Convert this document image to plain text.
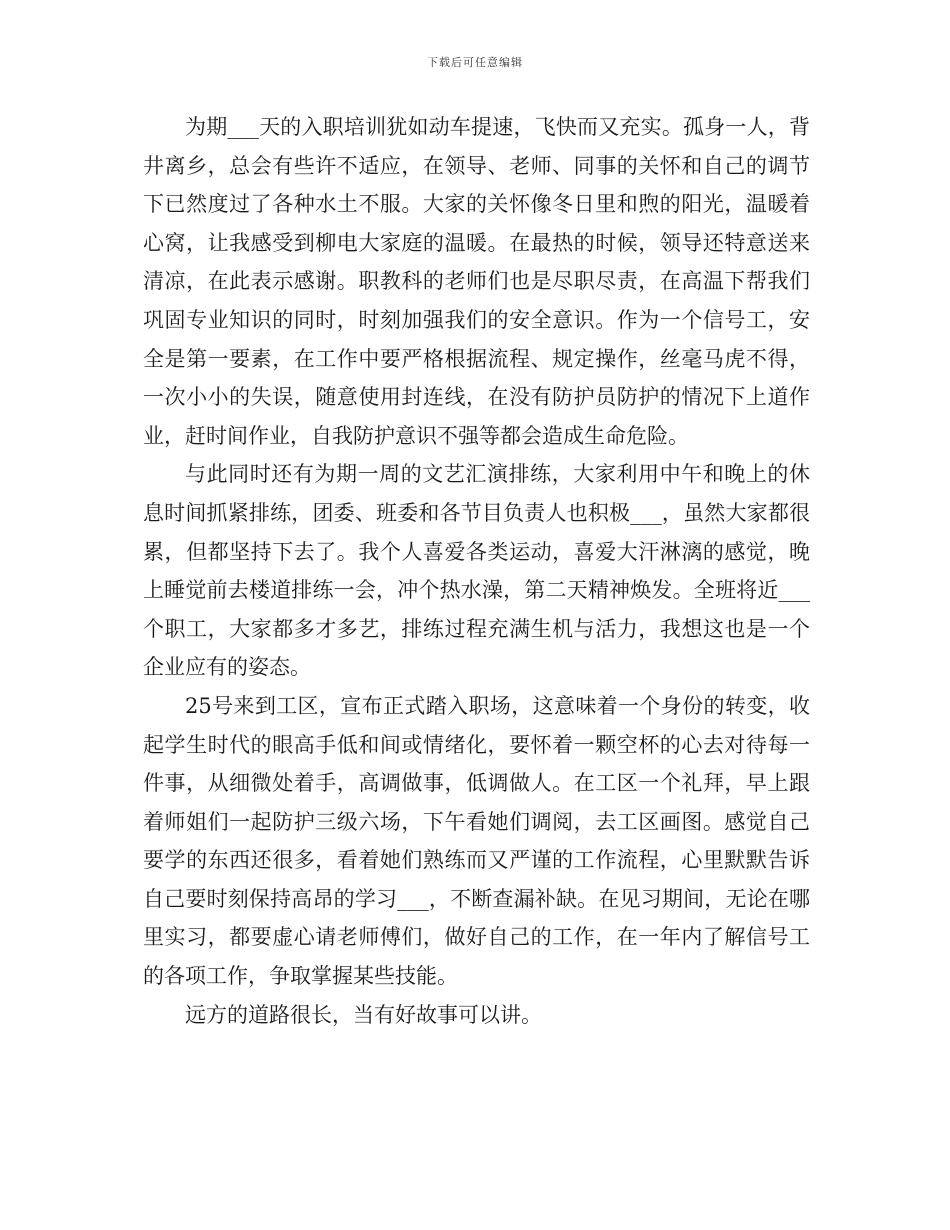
下载后可任意编辑

为期___天的入职培训犹如动车提速，飞快而又充实。孤身一人，背井离乡，总会有些许不适应，在领导、老师、同事的关怀和自己的调节下已然度过了各种水土不服。大家的关怀像冬日里和煦的阳光，温暖着心窝，让我感受到柳电大家庭的温暖。在最热的时候，领导还特意送来清凉，在此表示感谢。职教科的老师们也是尽职尽责，在高温下帮我们巩固专业知识的同时，时刻加强我们的安全意识。作为一个信号工，安全是第一要素，在工作中要严格根据流程、规定操作，丝毫马虎不得，一次小小的失误，随意使用封连线，在没有防护员防护的情况下上道作业，赶时间作业，自我防护意识不强等都会造成生命危险。

与此同时还有为期一周的文艺汇演排练，大家利用中午和晚上的休息时间抓紧排练，团委、班委和各节目负责人也积极___，虽然大家都很累，但都坚持下去了。我个人喜爱各类运动，喜爱大汗淋漓的感觉，晚上睡觉前去楼道排练一会，冲个热水澡，第二天精神焕发。全班将近___个职工，大家都多才多艺，排练过程充满生机与活力，我想这也是一个企业应有的姿态。

25号来到工区，宣布正式踏入职场，这意味着一个身份的转变，收起学生时代的眼高手低和间或情绪化，要怀着一颗空杯的心去对待每一件事，从细微处着手，高调做事，低调做人。在工区一个礼拜，早上跟着师姐们一起防护三级六场，下午看她们调阅，去工区画图。感觉自己要学的东西还很多，看着她们熟练而又严谨的工作流程，心里默默告诉自己要时刻保持高昂的学习___，不断查漏补缺。在见习期间，无论在哪里实习，都要虚心请老师傅们，做好自己的工作，在一年内了解信号工的各项工作，争取掌握某些技能。

远方的道路很长，当有好故事可以讲。
